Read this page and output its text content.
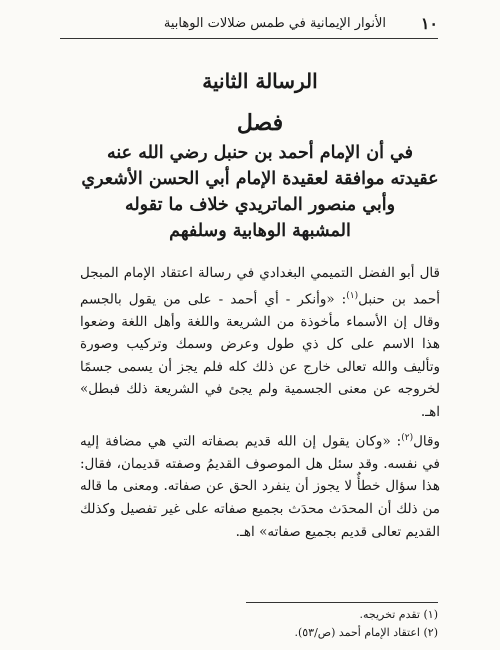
١٠
الأنوار الإيمانية في طمس ضلالات الوهابية
الرسالة الثانية
فصل
في أن الإمام أحمد بن حنبل رضي الله عنه
عقيدته موافقة لعقيدة الإمام أبي الحسن الأشعري
وأبي منصور الماتريدي خلاف ما تقوله
المشبهة الوهابية وسلفهم

قال أبو الفضل التميمي البغدادي في رسالة اعتقاد الإمام المبجل أحمد بن حنبل$^{(١)}$: «وأنكر - أي أحمد - على من يقول بالجسم وقال إن الأسماء مأخوذة من الشريعة واللغة وأهل اللغة وضعوا هذا الاسم على كل ذي طول وعرض وسمك وتركيب وصورة وتأليف والله تعالى خارج عن ذلك كله فلم يجز أن يسمى جسمًا لخروجه عن معنى الجسمية ولم يجئ في الشريعة ذلك فبطل» اهـ.

وقال$^{(٢)}$: «وكان يقول إن الله قديم بصفاته التي هي مضافة إليه في نفسه. وقد سئل هل الموصوف القديمُ وصفته قديمان، فقال: هذا سؤال خطأٌ لا يجوز أن ينفرد الحق عن صفاته. ومعنى ما قاله من ذلك أن المحدَث محدَث بجميع صفاته على غير تفصيل وكذلك القديم تعالى قديم بجميع صفاته» اهـ.

(١) تقدم تخريجه.
(٢) اعتقاد الإمام أحمد (ص/٥٣).
